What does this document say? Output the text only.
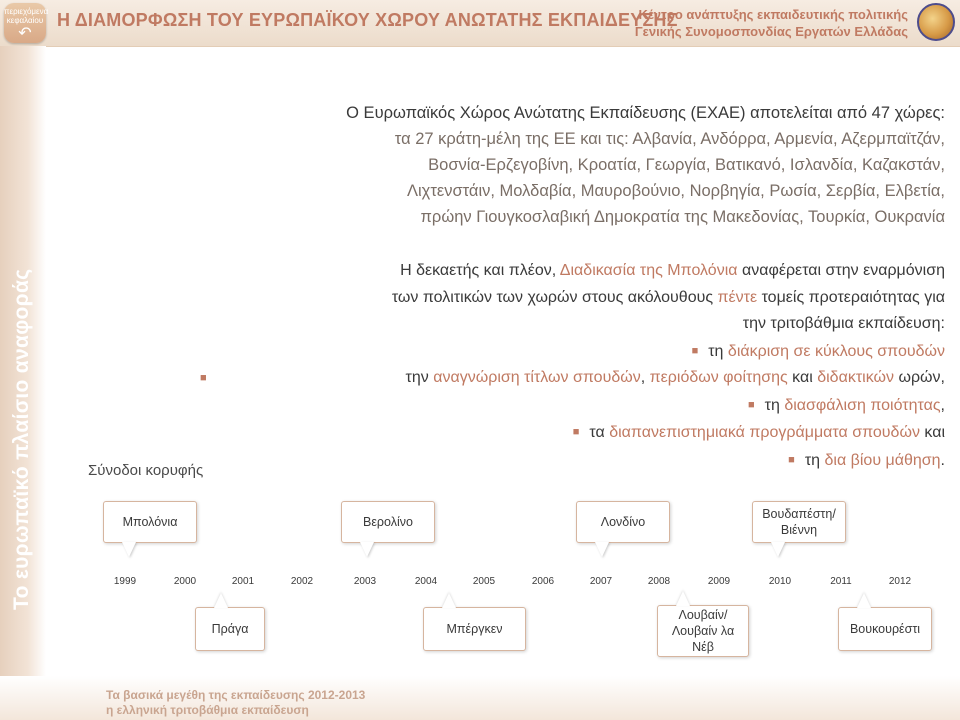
περιεχόμενα κεφαλαίου
↶
Η ΔΙΑΜΟΡΦΩΣΗ ΤΟΥ ΕΥΡΩΠΑΪΚΟΥ ΧΩΡΟΥ ΑΝΩΤΑΤΗΣ ΕΚΠΑΙΔΕΥΣΗΣ
Κέντρο ανάπτυξης εκπαιδευτικής πολιτικής
Γενικής Συνομοσπονδίας Εργατών Ελλάδας
Το ευρωπαϊκό πλαίσιο αναφοράς
Ο Ευρωπαϊκός Χώρος Ανώτατης Εκπαίδευσης (ΕΧΑΕ) αποτελείται από 47 χώρες:
τα 27 κράτη-μέλη της ΕΕ και τις: Αλβανία, Ανδόρρα, Αρμενία, Αζερμπαϊτζάν,
Βοσνία-Ερζεγοβίνη, Κροατία, Γεωργία, Βατικανό, Ισλανδία, Καζακστάν,
Λιχτενστάιν, Μολδαβία, Μαυροβούνιο, Νορβηγία, Ρωσία, Σερβία, Ελβετία,
πρώην Γιουγκοσλαβική Δημοκρατία της Μακεδονίας, Τουρκία, Ουκρανία
Η δεκαετής και πλέον, Διαδικασία της Μπολόνια αναφέρεται στην εναρμόνιση
των πολιτικών των χωρών στους ακόλουθους πέντε τομείς προτεραιότητας για
την τριτοβάθμια εκπαίδευση:
■ τη διάκριση σε κύκλους σπουδών
■	την αναγνώριση τίτλων σπουδών, περιόδων φοίτησης και διδακτικών ωρών,
■ τη διασφάλιση ποιότητας,
■ τα διαπανεπιστημιακά προγράμματα σπουδών και
■ τη δια βίου μάθηση.
Σύνοδοι κορυφής
Μπολόνια	Βερολίνο	Λονδίνο
Βουδαπέστη/ Βιέννη
1999	2000	2001	2002	2003	2004	2005	2006	2007	2008	2009	2010	2011	2012
Πράγα	Μπέργκεν
Λουβαίν/ Λουβαίν λα Νέβ
Βουκουρέστι
Τα βασικά μεγέθη της εκπαίδευσης 2012-2013
η ελληνική τριτοβάθμια εκπαίδευση
